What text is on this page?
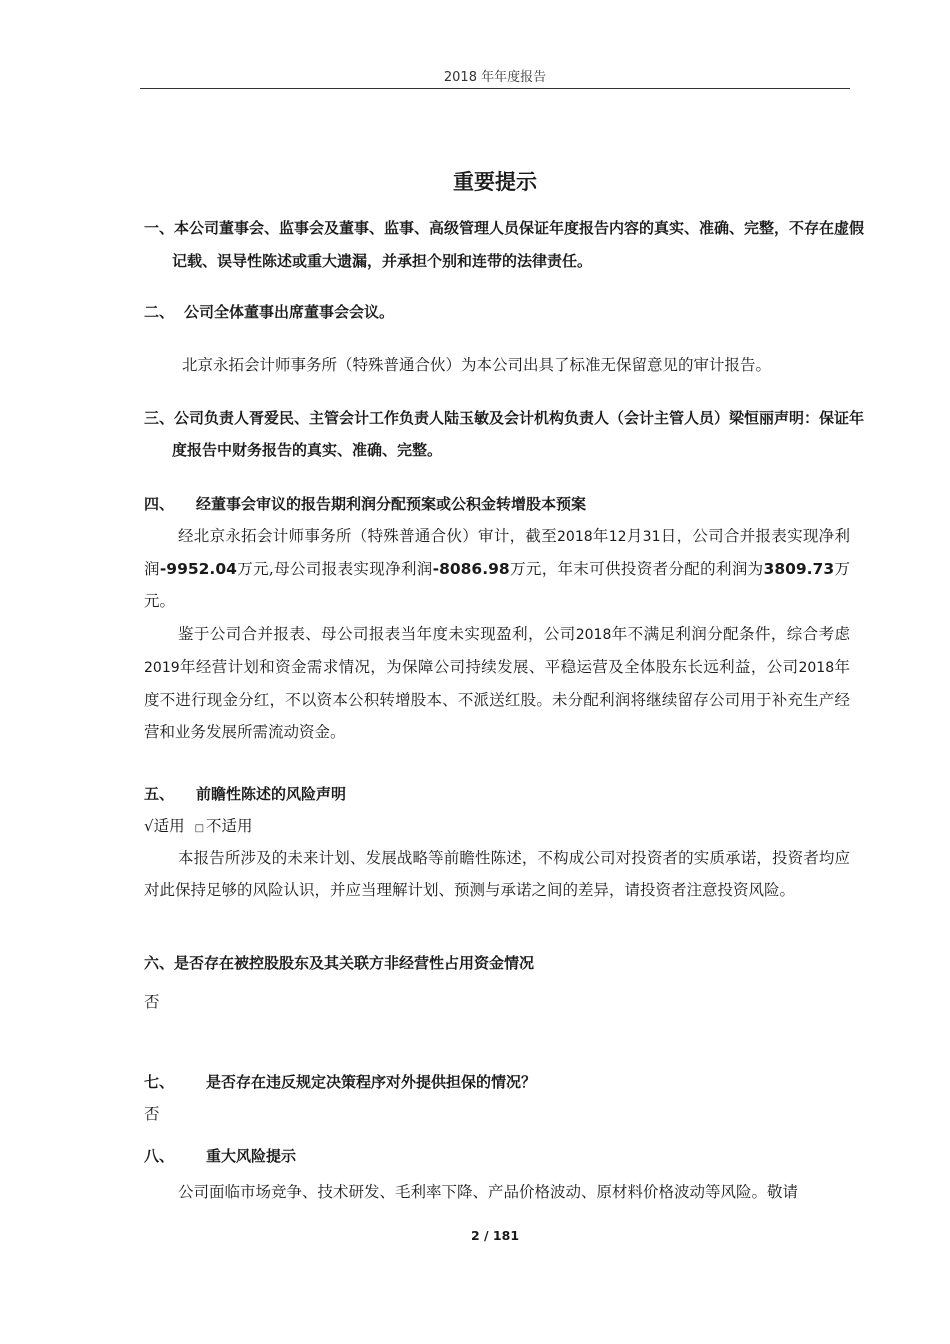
2018 年年度报告
重要提示

一、本公司董事会、监事会及董事、监事、高级管理人员保证年度报告内容的真实、准确、完整，不存在虚假记载、误导性陈述或重大遗漏，并承担个别和连带的法律责任。

二、 公司全体董事出席董事会会议。

北京永拓会计师事务所（特殊普通合伙）为本公司出具了标准无保留意见的审计报告。

三、公司负责人胥爱民、主管会计工作负责人陆玉敏及会计机构负责人（会计主管人员）梁恒丽声明：保证年度报告中财务报告的真实、准确、完整。

四、 经董事会审议的报告期利润分配预案或公积金转增股本预案

经北京永拓会计师事务所（特殊普通合伙）审计，截至2018年12月31日，公司合并报表实现净利润-9952.04万元,母公司报表实现净利润-8086.98万元，年末可供投资者分配的利润为3809.73万元。

鉴于公司合并报表、母公司报表当年度未实现盈利，公司2018年不满足利润分配条件，综合考虑2019年经营计划和资金需求情况，为保障公司持续发展、平稳运营及全体股东长远利益，公司2018年度不进行现金分红，不以资本公积转增股本、不派送红股。未分配利润将继续留存公司用于补充生产经营和业务发展所需流动资金。

五、 前瞻性陈述的风险声明

√适用 □ 不适用

本报告所涉及的未来计划、发展战略等前瞻性陈述，不构成公司对投资者的实质承诺，投资者均应对此保持足够的风险认识，并应当理解计划、预测与承诺之间的差异，请投资者注意投资风险。

六、是否存在被控股股东及其关联方非经营性占用资金情况

否

七、 是否存在违反规定决策程序对外提供担保的情况？

否

八、 重大风险提示

公司面临市场竞争、技术研发、毛利率下降、产品价格波动、原材料价格波动等风险。敬请

2 / 181
